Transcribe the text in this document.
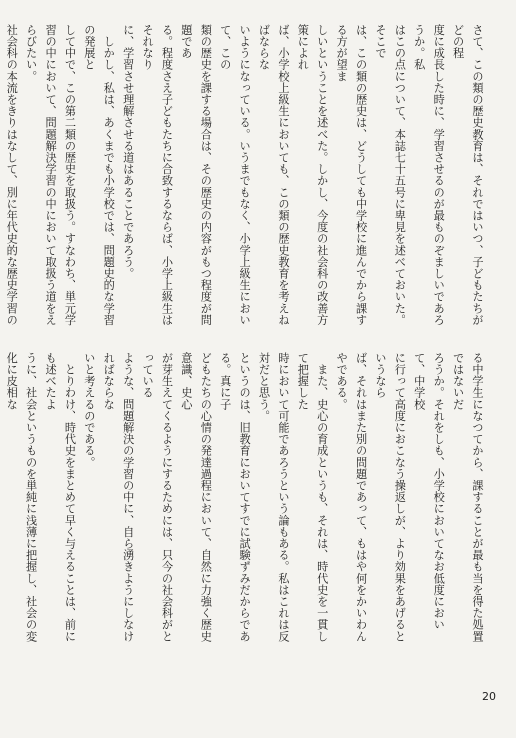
さて、この類の歴史教育は、それではいつ、子どもたちがどの程
度に成長した時に、学習させるのが最ものぞましいであろうか。私
はこの点について、本誌七十五号に卑見を述べておいた。そこで
は、この類の歴史は、どうしても中学校に進んでから課する方が望ま
しいということを述べた。しかし、今度の社会科の改善方策によれ
ば、小学校上級生においても、この類の歴史教育を考えねばならな
いようになっている。いうまでもなく、小学上級生において、この
類の歴史を課する場合は、その歴史の内容がもつ程度が問題であ
る。程度さえ子どもたちに合致するならば、小学上級生はそれなり
に、学習させ理解させる道はあることであろう。
　しかし、私は、あくまでも小学校では、問題史的な学習の発展と
して中で、この第二類の歴史を取扱う。すなわち、単元学
習の中において、問題解決学習の中において取扱う道をえらびたい。
社会科の本流をきりはなして、別に年代史的な歴史学習の

る中学生になつてから、課することが最も当を得た処置ではないだ
ろうか。それをしも、小学校においてなお低度において、中学校
に行って高度におこなう操返しが、より効果をあげるというなら
ば、それはまた別の問題であって、もはや何をかいわんやである。
　また、史心の育成というも、それは、時代史を一貫して把握した
時において可能であろうという論もある。私はこれは反対だと思う。
というのは、旧教育においてすでに試験ずみだからである。真に子
どもたちの心情の発達過程において、自然に力強く歴史意識、史心
が芽生えてくるようにするためには、只今の社会科がとっている
ような、問題解決の学習の中に、自ら湧きようにしなければならな
いと考えるのである。
　とりわけ、時代史をまとめて早く与えることは、前にも述べたよ
うに、社会というものを単純に浅薄に把握し、社会の変化に皮相な

20
